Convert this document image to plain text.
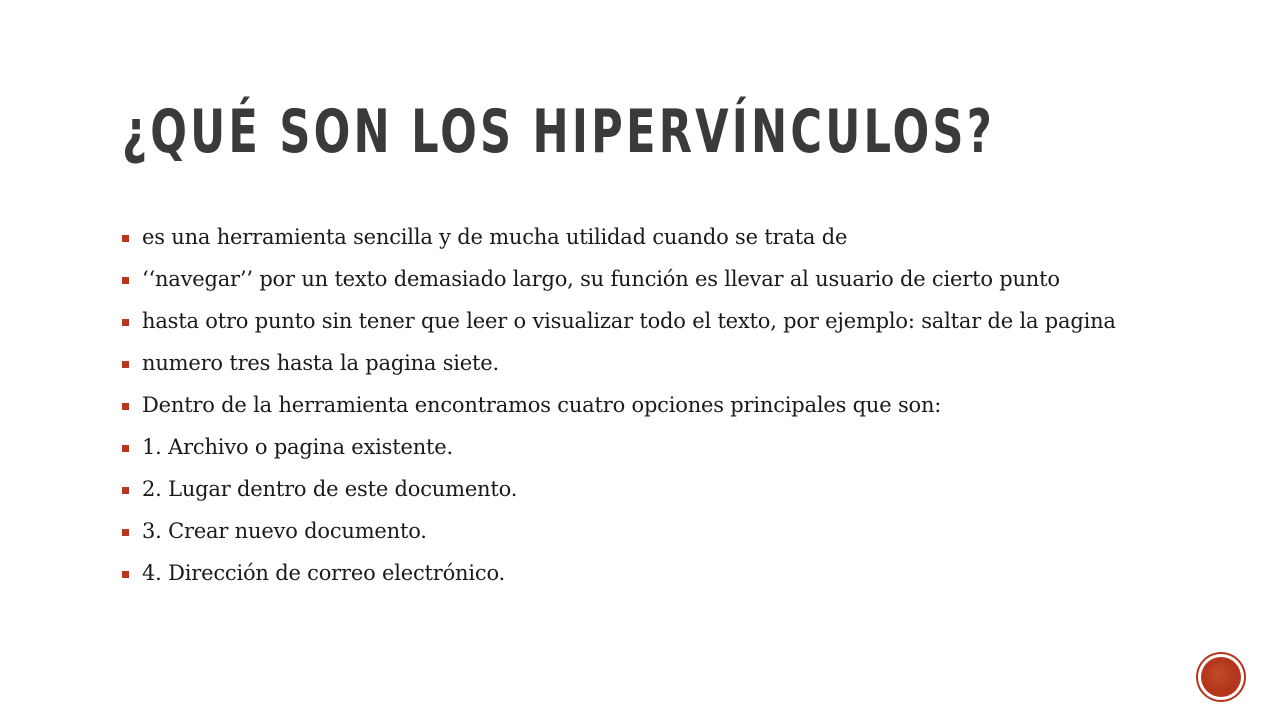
¿QUÉ SON LOS HIPERVÍNCULOS?
es una herramienta sencilla y de mucha utilidad cuando se trata de
‘‘navegar’’ por un texto demasiado largo, su función es llevar al usuario de cierto punto
hasta otro punto sin tener que leer o visualizar todo el texto, por ejemplo: saltar de la pagina
numero tres hasta la pagina siete.
Dentro de la herramienta encontramos cuatro opciones principales que son:
1. Archivo o pagina existente.
2. Lugar dentro de este documento.
3. Crear nuevo documento.
4. Dirección de correo electrónico.
